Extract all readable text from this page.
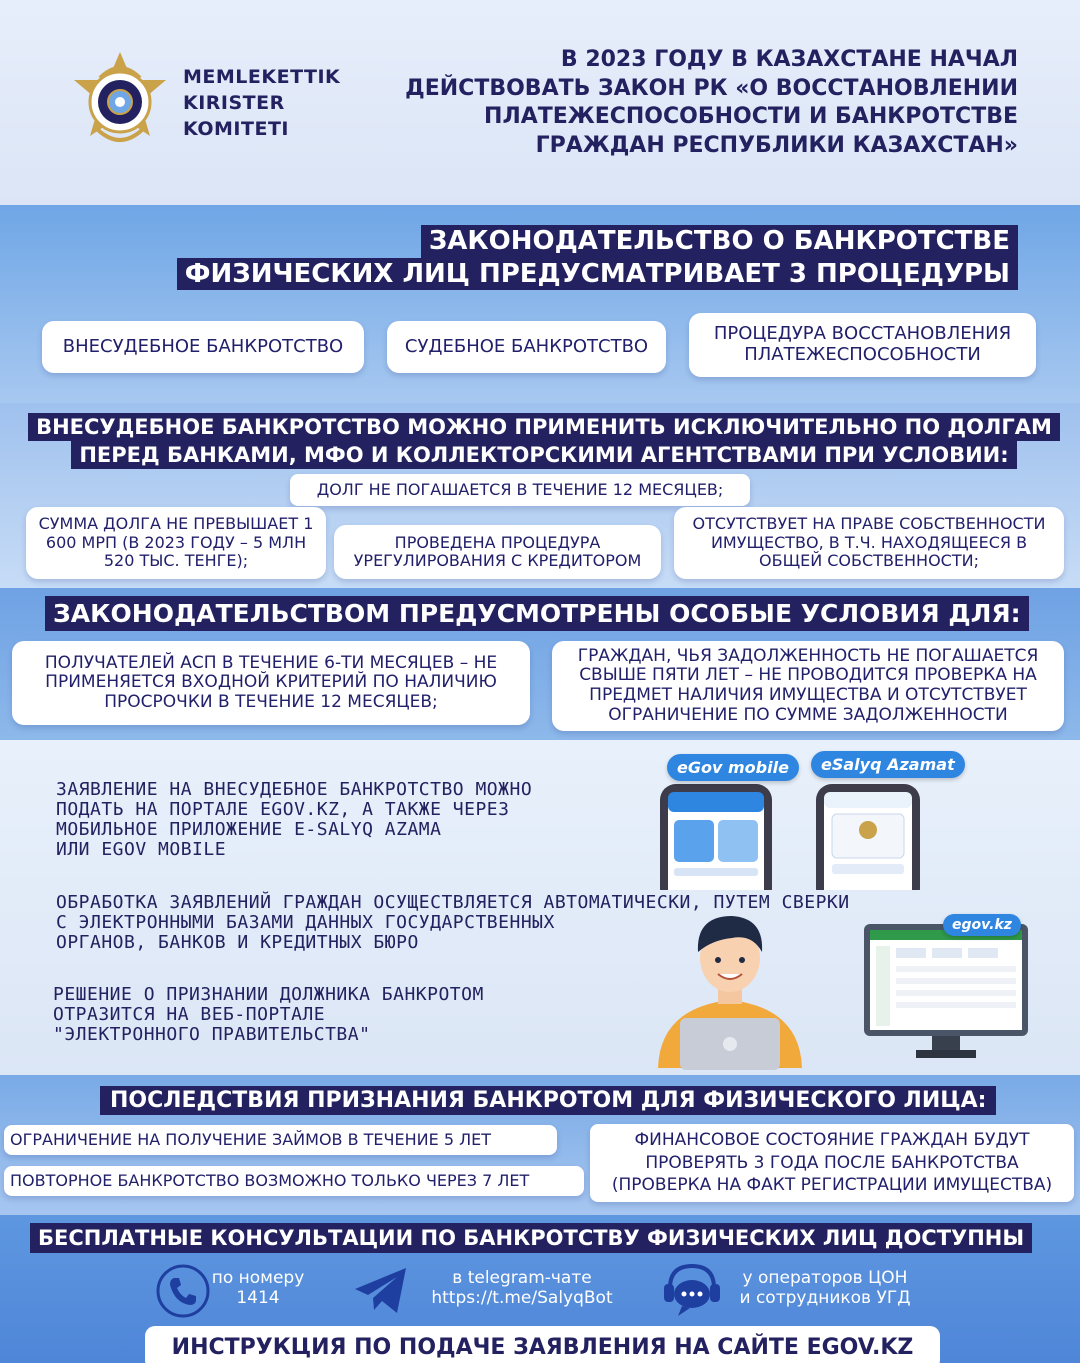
MEMLEKETTIK
KIRISTER
KOMITETI
В 2023 ГОДУ В КАЗАХСТАНЕ НАЧАЛ
ДЕЙСТВОВАТЬ ЗАКОН РК «О ВОССТАНОВЛЕНИИ
ПЛАТЕЖЕСПОСОБНОСТИ И БАНКРОТСТВЕ
ГРАЖДАН РЕСПУБЛИКИ КАЗАХСТАН»
ЗАКОНОДАТЕЛЬСТВО О БАНКРОТСТВЕ
ФИЗИЧЕСКИХ ЛИЦ ПРЕДУСМАТРИВАЕТ 3 ПРОЦЕДУРЫ
ВНЕСУДЕБНОЕ БАНКРОТСТВО	СУДЕБНОЕ БАНКРОТСТВО
ПРОЦЕДУРА ВОССТАНОВЛЕНИЯ ПЛАТЕЖЕСПОСОБНОСТИ
ВНЕСУДЕБНОЕ БАНКРОТСТВО МОЖНО ПРИМЕНИТЬ ИСКЛЮЧИТЕЛЬНО ПО ДОЛГАМ
ПЕРЕД БАНКАМИ, МФО И КОЛЛЕКТОРСКИМИ АГЕНТСТВАМИ ПРИ УСЛОВИИ:
ДОЛГ НЕ ПОГАШАЕТСЯ В ТЕЧЕНИЕ 12 МЕСЯЦЕВ;
СУММА ДОЛГА НЕ ПРЕВЫШАЕТ 1 600 МРП (В 2023 ГОДУ – 5 МЛН 520 ТЫС. ТЕНГЕ);
ПРОВЕДЕНА ПРОЦЕДУРА УРЕГУЛИРОВАНИЯ С КРЕДИТОРОМ
ОТСУТСТВУЕТ НА ПРАВЕ СОБСТВЕННОСТИ ИМУЩЕСТВО, В Т.Ч. НАХОДЯЩЕЕСЯ В ОБЩЕЙ СОБСТВЕННОСТИ;
ЗАКОНОДАТЕЛЬСТВОМ ПРЕДУСМОТРЕНЫ ОСОБЫЕ УСЛОВИЯ ДЛЯ:
ПОЛУЧАТЕЛЕЙ АСП В ТЕЧЕНИЕ 6-ТИ МЕСЯЦЕВ – НЕ ПРИМЕНЯЕТСЯ ВХОДНОЙ КРИТЕРИЙ ПО НАЛИЧИЮ ПРОСРОЧКИ В ТЕЧЕНИЕ 12 МЕСЯЦЕВ;
ГРАЖДАН, ЧЬЯ ЗАДОЛЖЕННОСТЬ НЕ ПОГАШАЕТСЯ СВЫШЕ ПЯТИ ЛЕТ – НЕ ПРОВОДИТСЯ ПРОВЕРКА НА ПРЕДМЕТ НАЛИЧИЯ ИМУЩЕСТВА И ОТСУТСТВУЕТ ОГРАНИЧЕНИЕ ПО СУММЕ ЗАДОЛЖЕННОСТИ
ЗАЯВЛЕНИЕ НА ВНЕСУДЕБНОЕ БАНКРОТСТВО МОЖНО
ПОДАТЬ НА ПОРТАЛЕ EGOV.KZ, А ТАКЖЕ ЧЕРЕЗ
МОБИЛЬНОЕ ПРИЛОЖЕНИЕ E-SALYQ AZAMA
ИЛИ EGOV MOBILE
ОБРАБОТКА ЗАЯВЛЕНИЙ ГРАЖДАН ОСУЩЕСТВЛЯЕТСЯ АВТОМАТИЧЕСКИ, ПУТЕМ СВЕРКИ
С ЭЛЕКТРОННЫМИ БАЗАМИ ДАННЫХ ГОСУДАРСТВЕННЫХ
ОРГАНОВ, БАНКОВ И КРЕДИТНЫХ БЮРО
РЕШЕНИЕ О ПРИЗНАНИИ ДОЛЖНИКА БАНКРОТОМ
ОТРАЗИТСЯ НА ВЕБ-ПОРТАЛЕ
"ЭЛЕКТРОННОГО ПРАВИТЕЛЬСТВА"
eGov mobile	eSalyq Azamat
egov.kz
ПОСЛЕДСТВИЯ ПРИЗНАНИЯ БАНКРОТОМ ДЛЯ ФИЗИЧЕСКОГО ЛИЦА:
ОГРАНИЧЕНИЕ НА ПОЛУЧЕНИЕ ЗАЙМОВ В ТЕЧЕНИЕ 5 ЛЕТ
ПОВТОРНОЕ БАНКРОТСТВО ВОЗМОЖНО ТОЛЬКО ЧЕРЕЗ 7 ЛЕТ
ФИНАНСОВОЕ СОСТОЯНИЕ ГРАЖДАН БУДУТ ПРОВЕРЯТЬ 3 ГОДА ПОСЛЕ БАНКРОТСТВА (ПРОВЕРКА НА ФАКТ РЕГИСТРАЦИИ ИМУЩЕСТВА)
БЕСПЛАТНЫЕ КОНСУЛЬТАЦИИ ПО БАНКРОТСТВУ ФИЗИЧЕСКИХ ЛИЦ ДОСТУПНЫ
по номеру
1414
в telegram-чате
https://t.me/SalyqBot
у операторов ЦОН
и сотрудников УГД
ИНСТРУКЦИЯ ПО ПОДАЧЕ ЗАЯВЛЕНИЯ НА САЙТЕ EGOV.KZ
